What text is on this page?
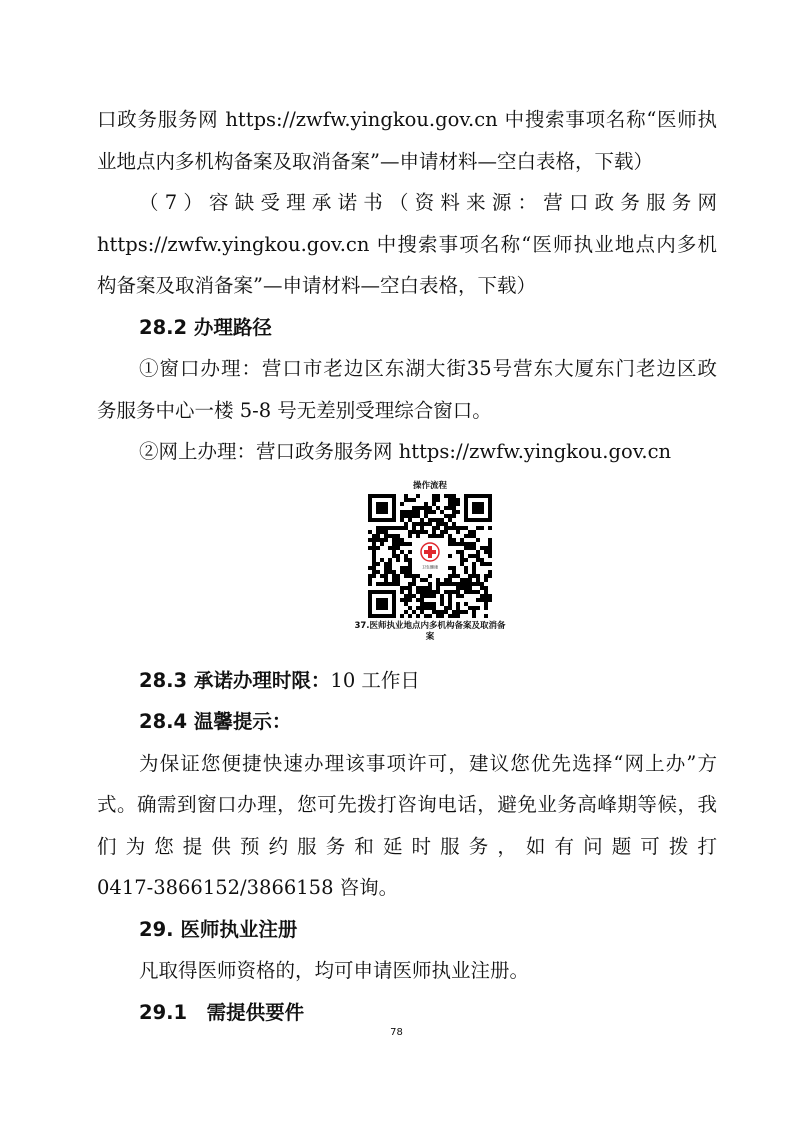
口政务服务网 https://zwfw.yingkou.gov.cn 中搜索事项名称“医师执
业地点内多机构备案及取消备案”—申请材料—空白表格，下载）
（7）容缺受理承诺书（资料来源：营口政务服务网
https://zwfw.yingkou.gov.cn 中搜索事项名称“医师执业地点内多机
构备案及取消备案”—申请材料—空白表格，下载）
28.2 办理路径
①窗口办理：营口市老边区东湖大街35号营东大厦东门老边区政
务服务中心一楼 5-8 号无差别受理综合窗口。
②网上办理：营口政务服务网 https://zwfw.yingkou.gov.cn
操作流程
卫生健康
37.医师执业地点内多机构备案及取消备
案
28.3 承诺办理时限：10 工作日
28.4 温馨提示：
为保证您便捷快速办理该事项许可，建议您优先选择“网上办”方
式。确需到窗口办理，您可先拨打咨询电话，避免业务高峰期等候，我
们为您提供预约服务和延时服务，如有问题可拨打
0417-3866152/3866158 咨询。
29. 医师执业注册
凡取得医师资格的，均可申请医师执业注册。
29.1　需提供要件
78
